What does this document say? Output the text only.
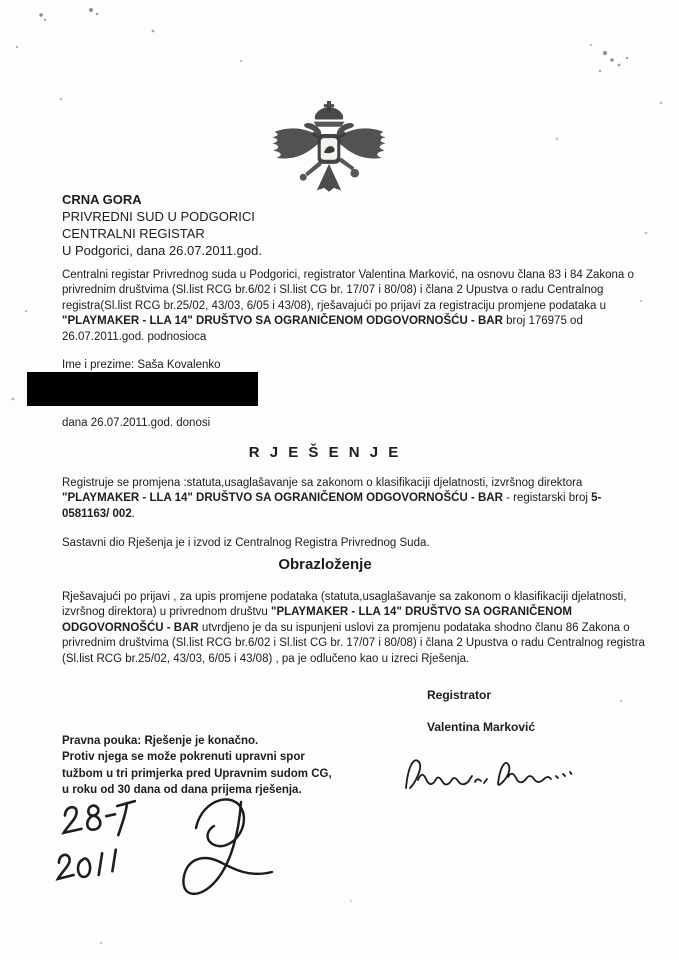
CRNA GORA
PRIVREDNI SUD U PODGORICI
CENTRALNI REGISTAR
U Podgorici, dana 26.07.2011.god.
Centralni registar Privrednog suda u Podgorici, registrator Valentina Marković, na osnovu člana 83 i 84 Zakona o privrednim društvima (Sl.list RCG br.6/02 i Sl.list CG br. 17/07 i 80/08) i člana 2 Upustva o radu Centralnog registra(Sl.list RCG br.25/02, 43/03, 6/05 i 43/08), rješavajući po prijavi za registraciju promjene podataka u "PLAYMAKER - LLA 14" DRUŠTVO SA OGRANIČENOM ODGOVORNOŠĆU - BAR broj 176975 od 26.07.2011.god. podnosioca
Ime i prezime: Saša Kovalenko
dana 26.07.2011.god. donosi
R J E Š E N J E
Registruje se promjena :statuta,usaglašavanje sa zakonom o klasifikaciji djelatnosti, izvršnog direktora "PLAYMAKER - LLA 14" DRUŠTVO SA OGRANIČENOM ODGOVORNOŠĆU - BAR - registarski broj 5-0581163/ 002.
Sastavni dio Rješenja je i izvod iz Centralnog Registra Privrednog Suda.
Obrazloženje
Rješavajući po prijavi , za upis promjene podataka (statuta,usaglašavanje sa zakonom o klasifikaciji djelatnosti, izvršnog direktora) u privrednom društvu "PLAYMAKER - LLA 14" DRUŠTVO SA OGRANIČENOM ODGOVORNOŠĆU - BAR utvrdjeno je da su ispunjeni uslovi za promjenu podataka shodno članu 86 Zakona o privrednim društvima (Sl.list RCG br.6/02 i Sl.list CG br. 17/07 i 80/08) i člana 2 Upustva o radu Centralnog registra (Sl.list RCG br.25/02, 43/03, 6/05 i 43/08) , pa je odlučeno kao u izreci Rješenja.
Registrator
Valentina Marković
Pravna pouka: Rješenje je konačno.
Protiv njega se može pokrenuti upravni spor
tužbom u tri primjerka pred Upravnim sudom CG,
u roku od 30 dana od dana prijema rješenja.
